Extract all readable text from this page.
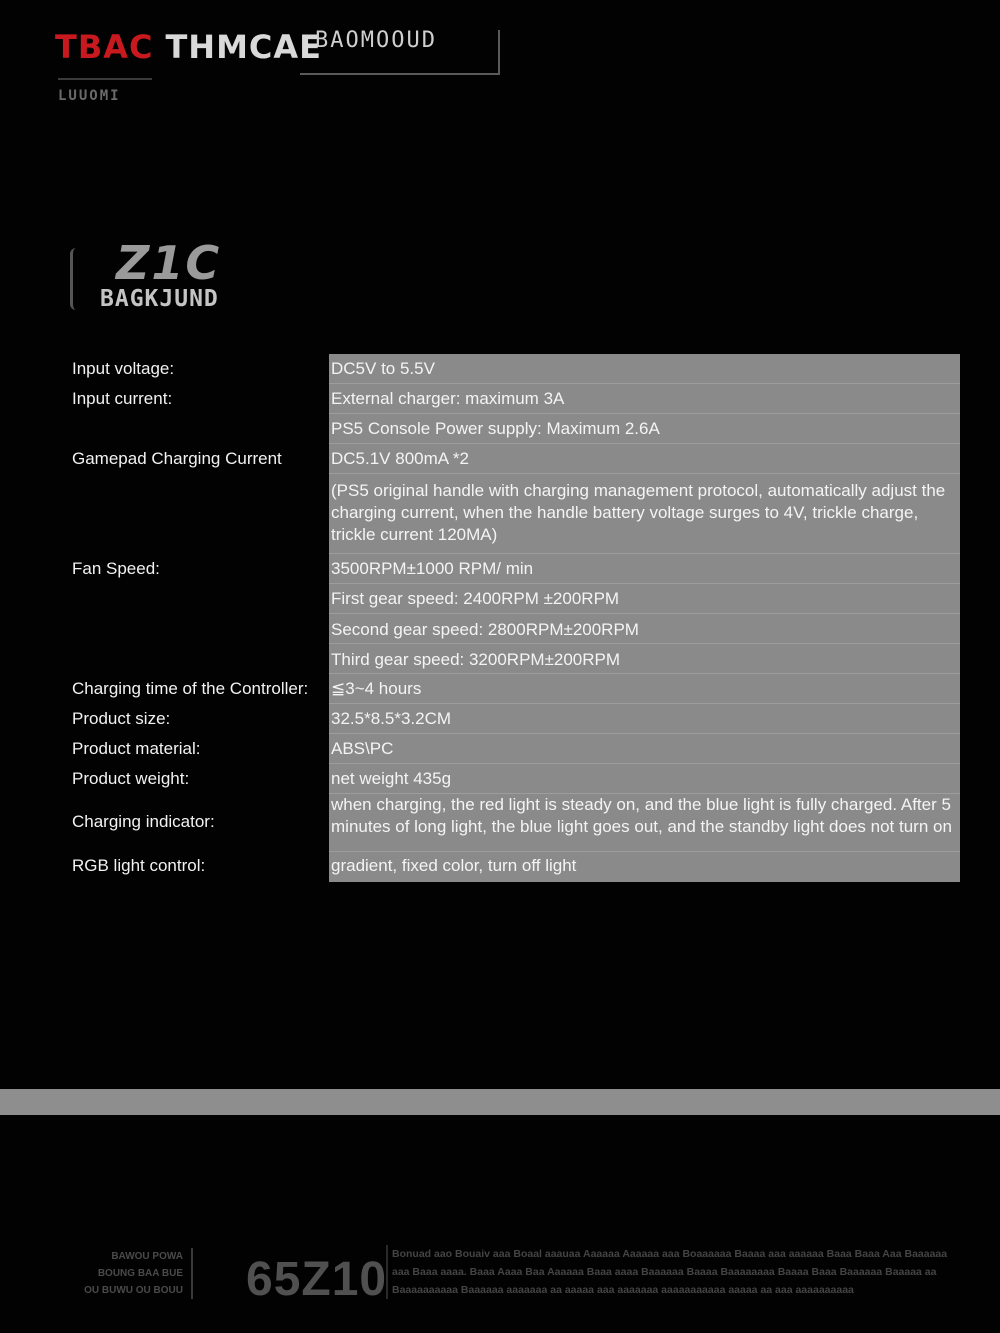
TBAC THMCAE
BAOMOOUD
LUUOMI
Z1C
BAGKJUND
Input voltage:	DC5V to 5.5V
Input current:	External charger: maximum 3A
PS5 Console Power supply: Maximum 2.6A
Gamepad Charging Current	DC5.1V 800mA *2
(PS5 original handle with charging management protocol, automatically adjust the charging current, when the handle battery voltage surges to 4V, trickle charge, trickle current 120MA)
Fan Speed:	3500RPM±1000 RPM/ min
First gear speed: 2400RPM ±200RPM
Second gear speed: 2800RPM±200RPM
Third gear speed: 3200RPM±200RPM
Charging time of the Controller: ≦3~4 hours
Product size:	32.5*8.5*3.2CM
Product material:	ABS\PC
Product weight:	net weight 435g
Charging indicator:
when charging, the red light is steady on, and the blue light is fully charged. After 5 minutes of long light, the blue light goes out, and the standby light does not turn on
RGB light control:	gradient, fixed color, turn off light
BAWOU POWA
BOUNG BAA BUE
OU BUWU OU BOUU 65Z10 Bonuad aao Bouaiv aaa Boaal aaauaa Aaaaaa Aaaaaa aaa Boaaaaaa Baaaa aaa aaaaaa Baaa Baaa Aaa Baaaaaa aaa Baaa aaaa. Baaa Aaaa Baa Aaaaaa Baaa aaaa Baaaaaa Baaaa Baaaaaaaa Baaaa Baaa Baaaaaa Baaaaa aa Baaaaaaaaaa Baaaaaa aaaaaaa aa aaaaa aaa aaaaaaa aaaaaaaaaaa aaaaa aa aaa aaaaaaaaaa
